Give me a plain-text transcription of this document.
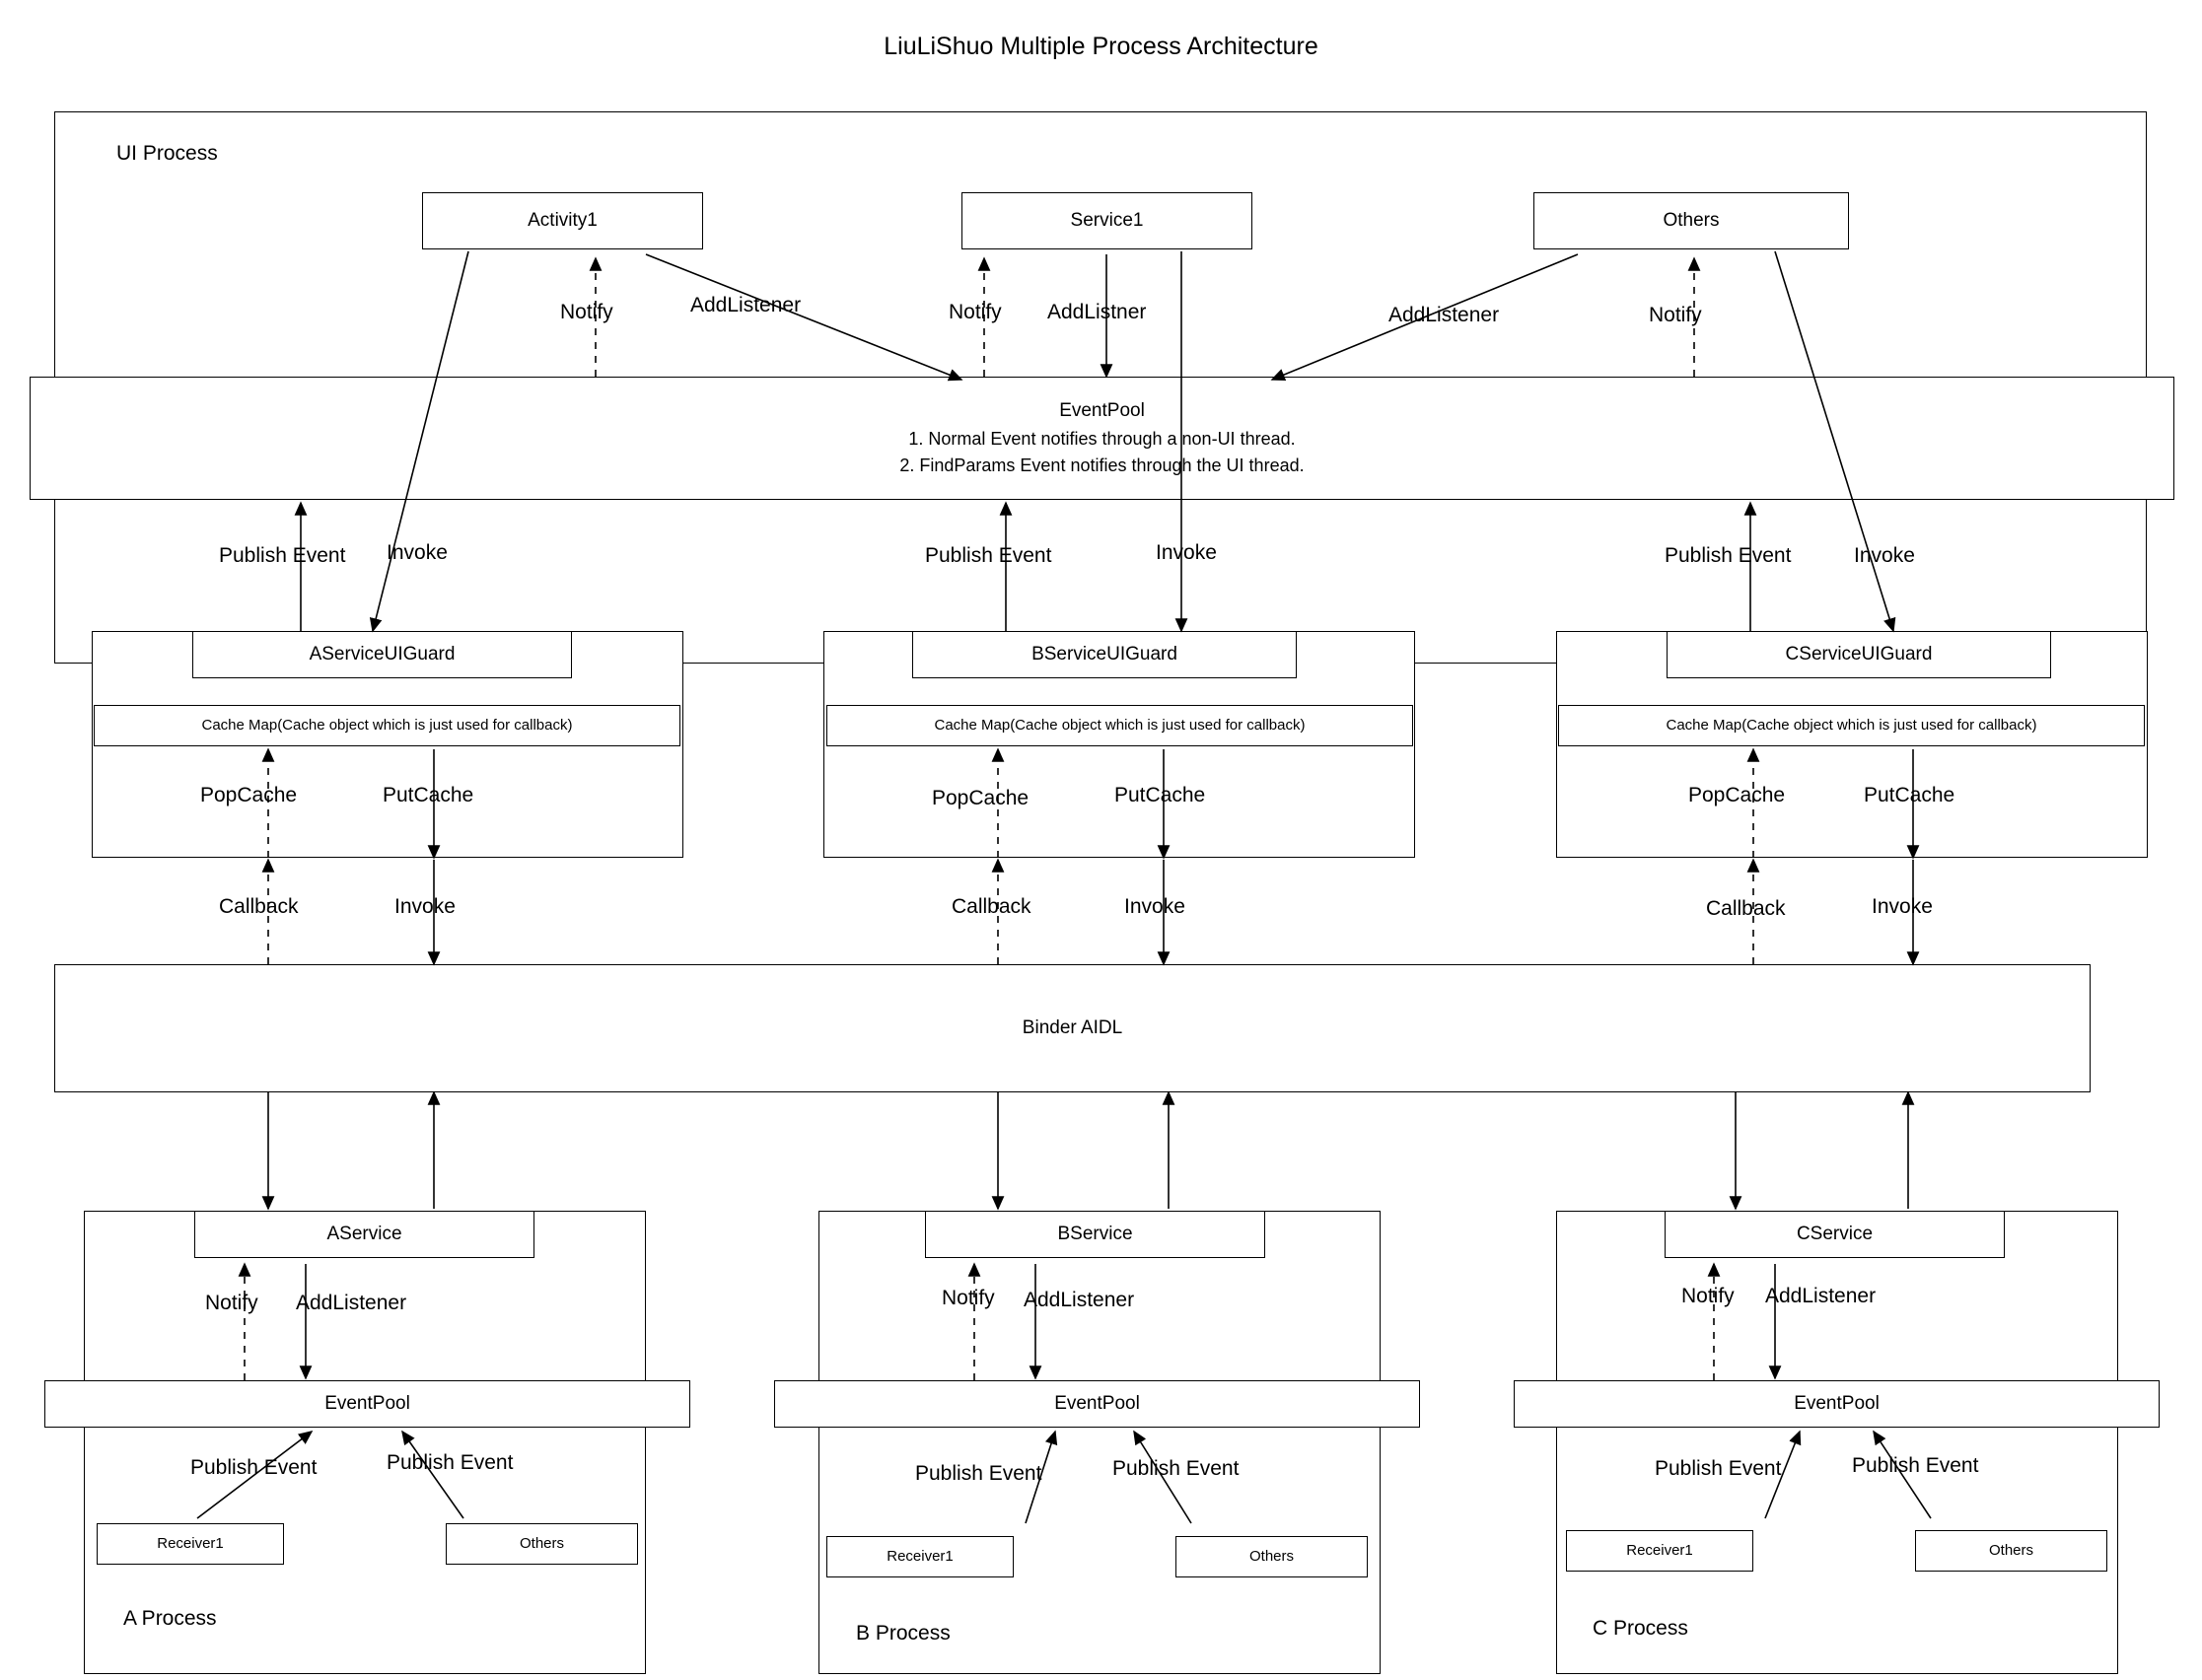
LiuLiShuo Multiple Process Architecture
UI Process
Activity1	Service1	Others
EventPool
1. Normal Event notifies through a non-UI thread.
2. FindParams Event notifies through the UI thread.
AServiceUIGuard	BServiceUIGuard	CServiceUIGuard
Cache Map(Cache object which is just used for callback)	Cache Map(Cache object which is just used for callback)	Cache Map(Cache object which is just used for callback)
Binder AIDL
A Process
AService
EventPool
Receiver1	Others
B Process
BService
EventPool
Receiver1	Others
C Process
CService
EventPool
Receiver1	Others
Notify	AddListener	Notify AddListner	AddListener	Notify
Publish Event Invoke	Publish Event	Invoke	Publish Event	Invoke
PopCache	PutCache	PopCache	PutCache	PopCache	PutCache
Callback	Invoke	Callback	Invoke	Callback	Invoke
Notify AddListener
Publish Event	Publish Event
Notify AddListener
Publish Event	Publish Event
Notify AddListener
Publish Event	Publish Event
